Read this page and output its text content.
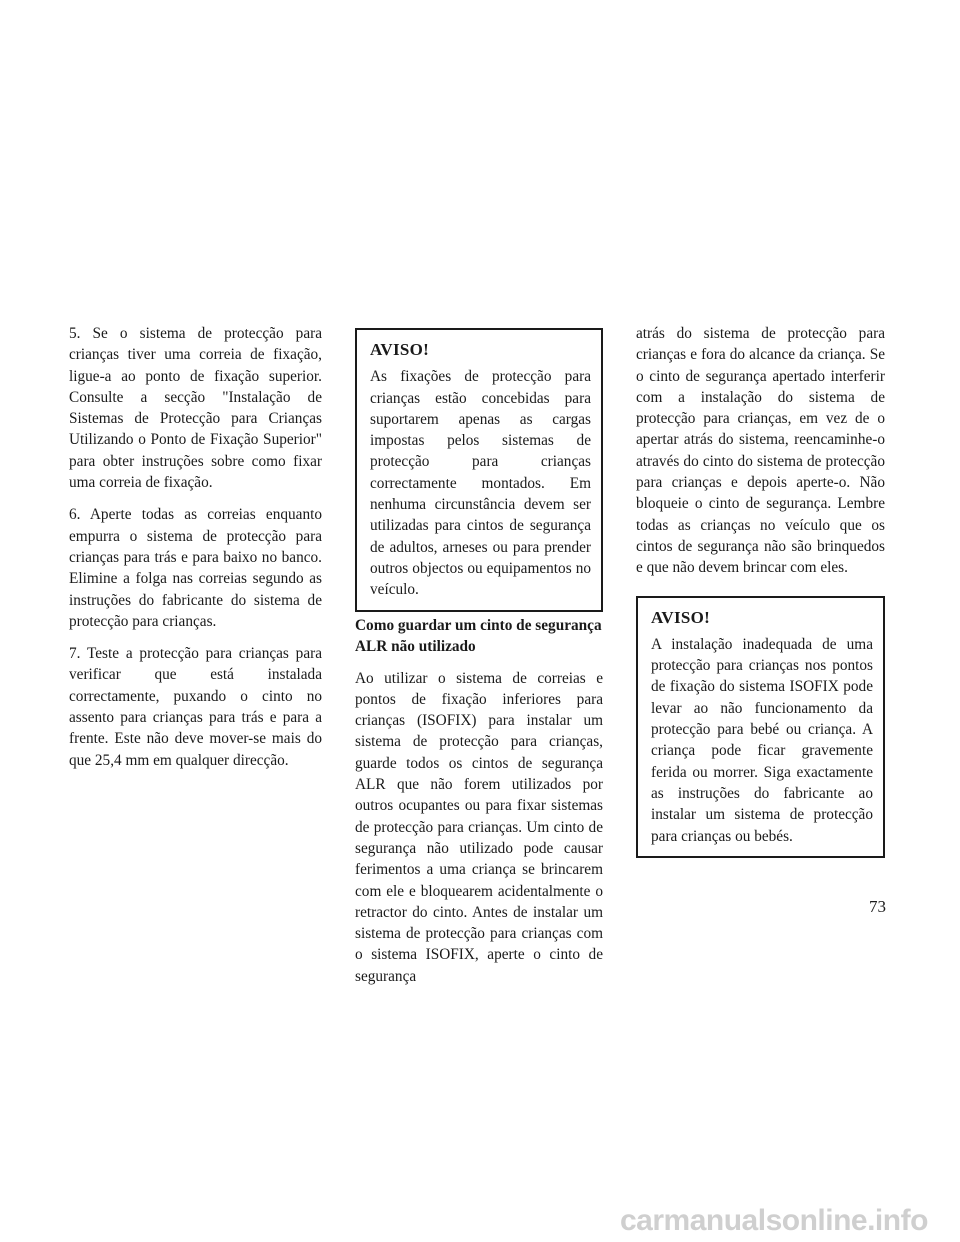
5. Se o sistema de protecção para crianças tiver uma correia de fixação, ligue-a ao ponto de fixação superior. Consulte a secção "Instalação de Sistemas de Protecção para Crianças Utilizando o Ponto de Fixação Superior" para obter instruções sobre como fixar uma correia de fixação.

6. Aperte todas as correias enquanto empurra o sistema de protecção para crianças para trás e para baixo no banco. Elimine a folga nas correias segundo as instruções do fabricante do sistema de protecção para crianças.

7. Teste a protecção para crianças para verificar que está instalada correctamente, puxando o cinto no assento para crianças para trás e para a frente. Este não deve mover-se mais do que 25,4 mm em qualquer direcção.

AVISO!

As fixações de protecção para crianças estão concebidas para suportarem apenas as cargas impostas pelos sistemas de protecção para crianças correctamente montados. Em nenhuma circunstância devem ser utilizadas para cintos de segurança de adultos, arneses ou para prender outros objectos ou equipamentos no veículo.

Como guardar um cinto de segurança ALR não utilizado

Ao utilizar o sistema de correias e pontos de fixação inferiores para crianças (ISOFIX) para instalar um sistema de protecção para crianças, guarde todos os cintos de segurança ALR que não forem utilizados por outros ocupantes ou para fixar sistemas de protecção para crianças. Um cinto de segurança não utilizado pode causar ferimentos a uma criança se brincarem com ele e bloquearem acidentalmente o retractor do cinto. Antes de instalar um sistema de protecção para crianças com o sistema ISOFIX, aperte o cinto de segurança

atrás do sistema de protecção para crianças e fora do alcance da criança. Se o cinto de segurança apertado interferir com a instalação do sistema de protecção para crianças, em vez de o apertar atrás do sistema, reencaminhe-o através do cinto do sistema de protecção para crianças e depois aperte-o. Não bloqueie o cinto de segurança. Lembre todas as crianças no veículo que os cintos de segurança não são brinquedos e que não devem brincar com eles.

AVISO!

A instalação inadequada de uma protecção para crianças nos pontos de fixação do sistema ISOFIX pode levar ao não funcionamento da protecção para bebé ou criança. A criança pode ficar gravemente ferida ou morrer. Siga exactamente as instruções do fabricante ao instalar um sistema de protecção para crianças ou bebés.

73
carmanualsonline.info
